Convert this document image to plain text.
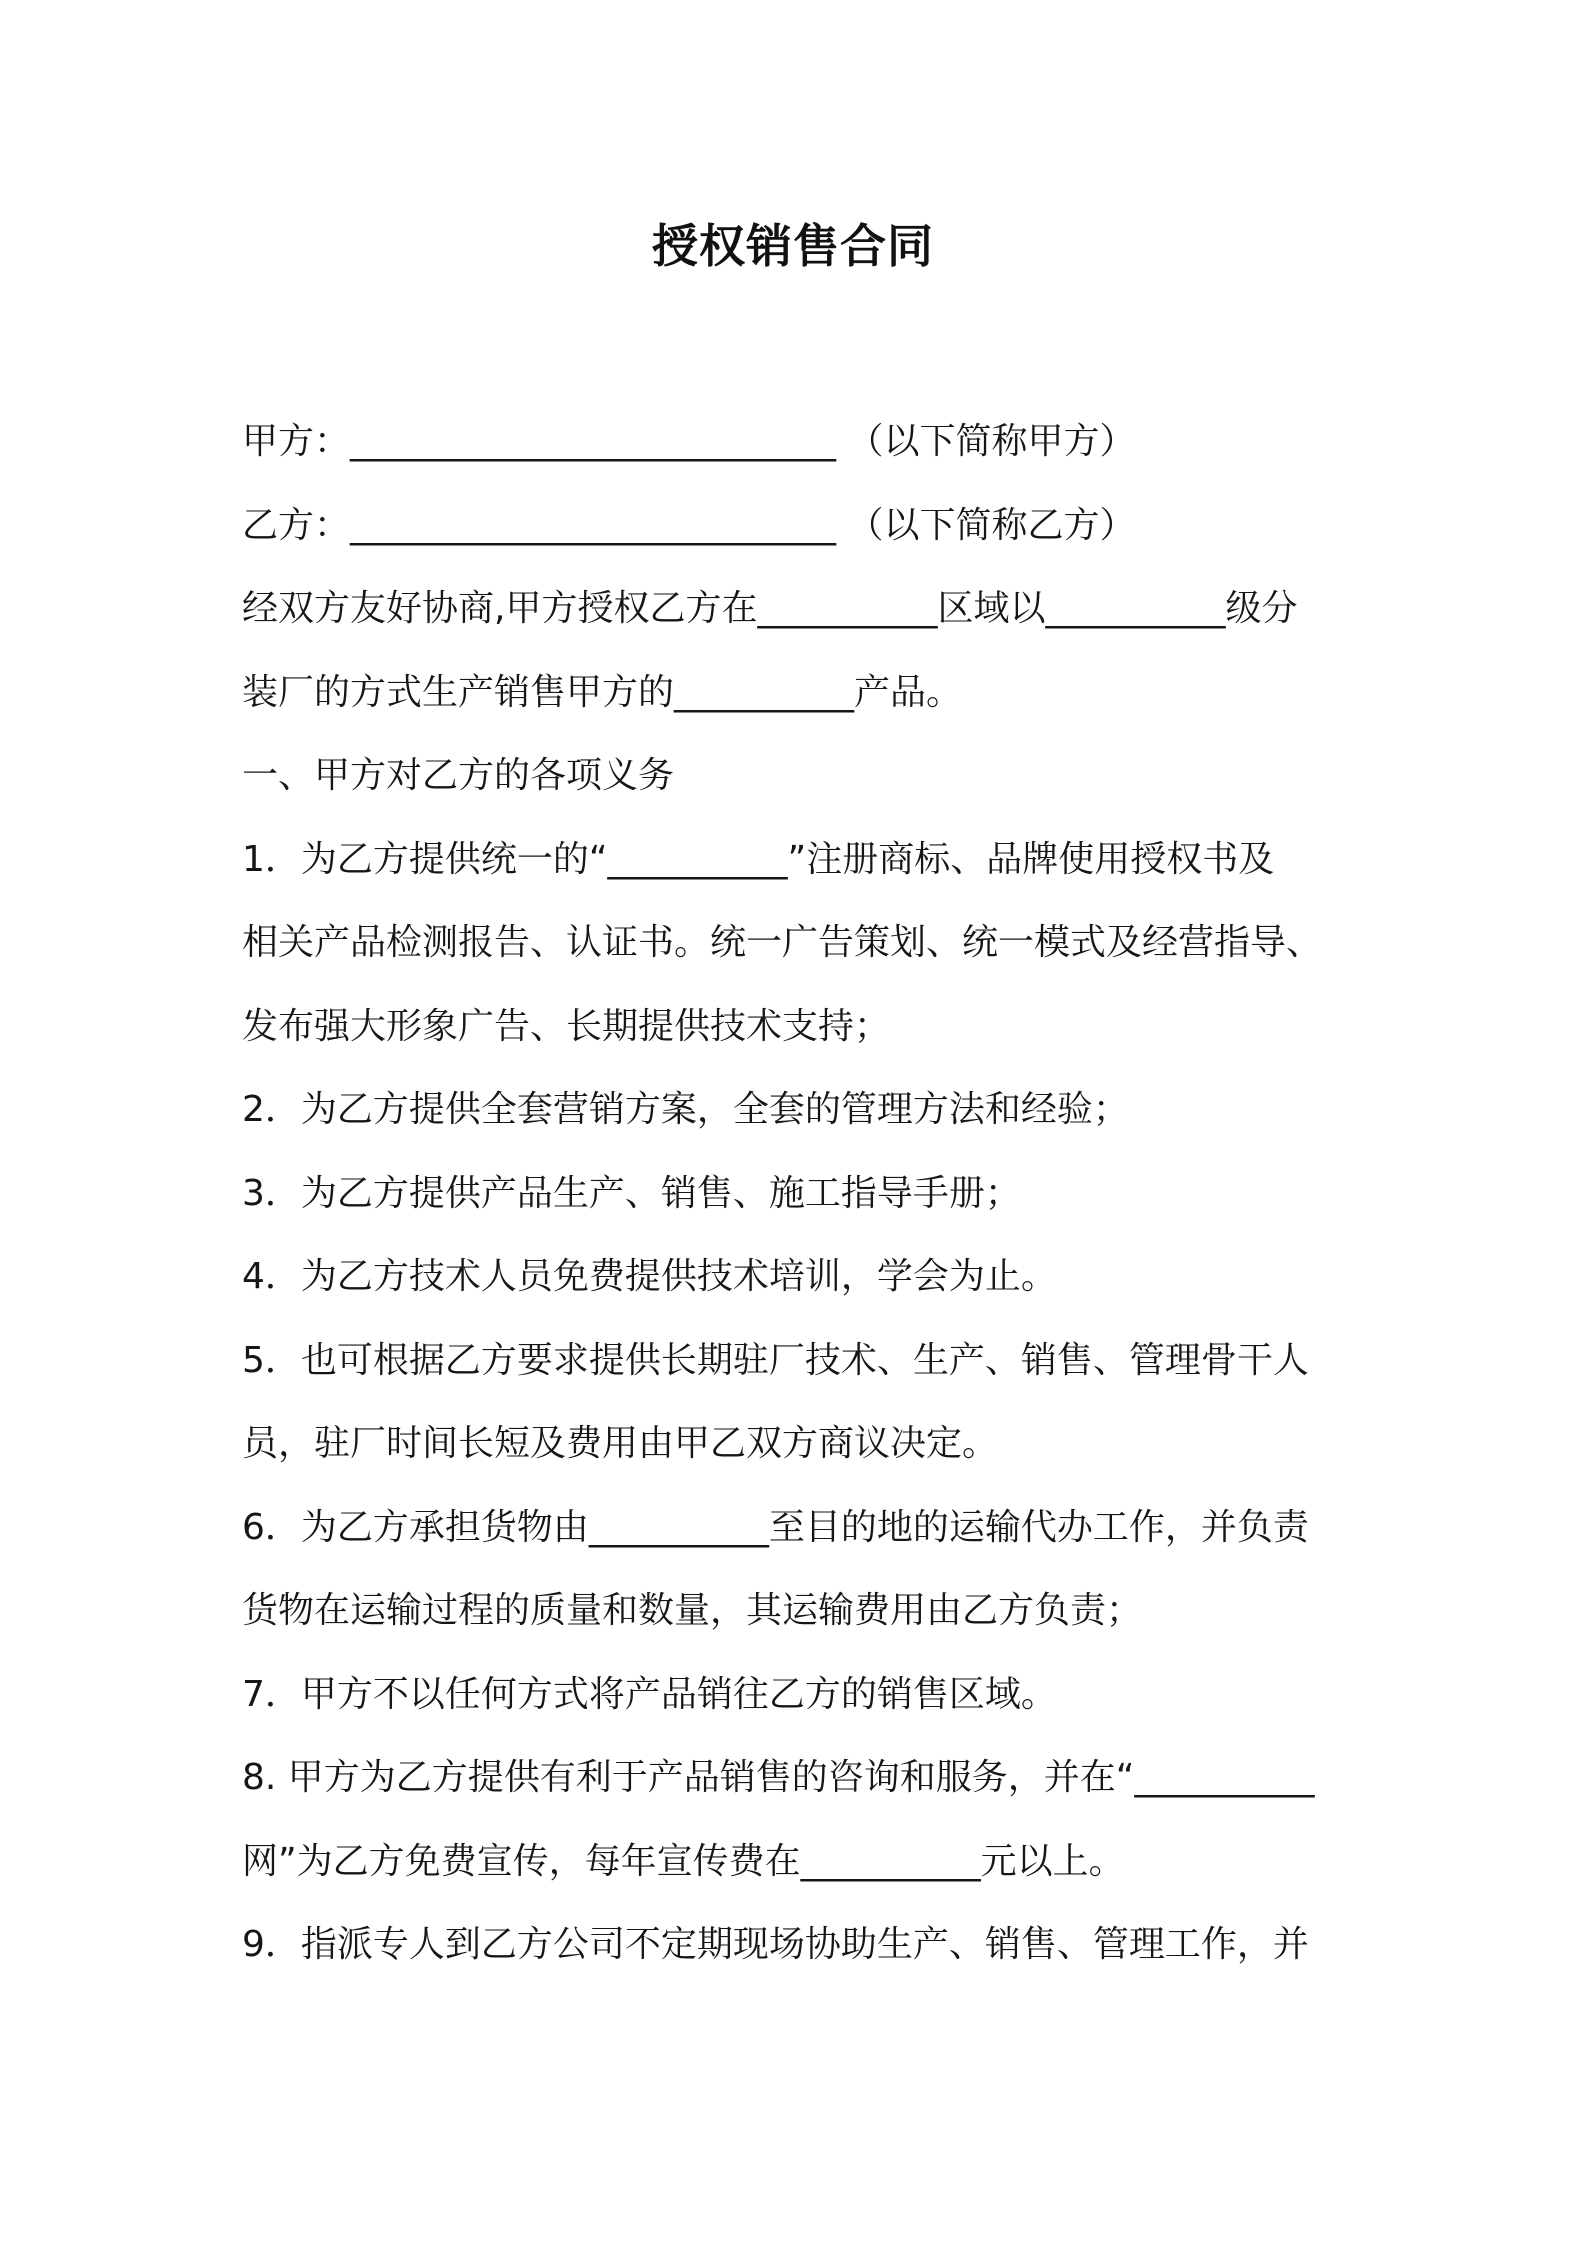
授权销售合同
甲方：___________________________ （以下简称甲方）
乙方：___________________________ （以下简称乙方）
经双方友好协商,甲方授权乙方在__________区域以__________级分
装厂的方式生产销售甲方的__________产品。
一、甲方对乙方的各项义务
1．为乙方提供统一的“__________”注册商标、品牌使用授权书及
相关产品检测报告、认证书。统一广告策划、统一模式及经营指导、
发布强大形象广告、长期提供技术支持；
2．为乙方提供全套营销方案，全套的管理方法和经验；
3．为乙方提供产品生产、销售、施工指导手册；
4．为乙方技术人员免费提供技术培训，学会为止。
5．也可根据乙方要求提供长期驻厂技术、生产、销售、管理骨干人
员，驻厂时间长短及费用由甲乙双方商议决定。
6．为乙方承担货物由__________至目的地的运输代办工作，并负责
货物在运输过程的质量和数量，其运输费用由乙方负责；
7．甲方不以任何方式将产品销往乙方的销售区域。
8. 甲方为乙方提供有利于产品销售的咨询和服务，并在“__________
网”为乙方免费宣传，每年宣传费在__________元以上。
9．指派专人到乙方公司不定期现场协助生产、销售、管理工作，并
